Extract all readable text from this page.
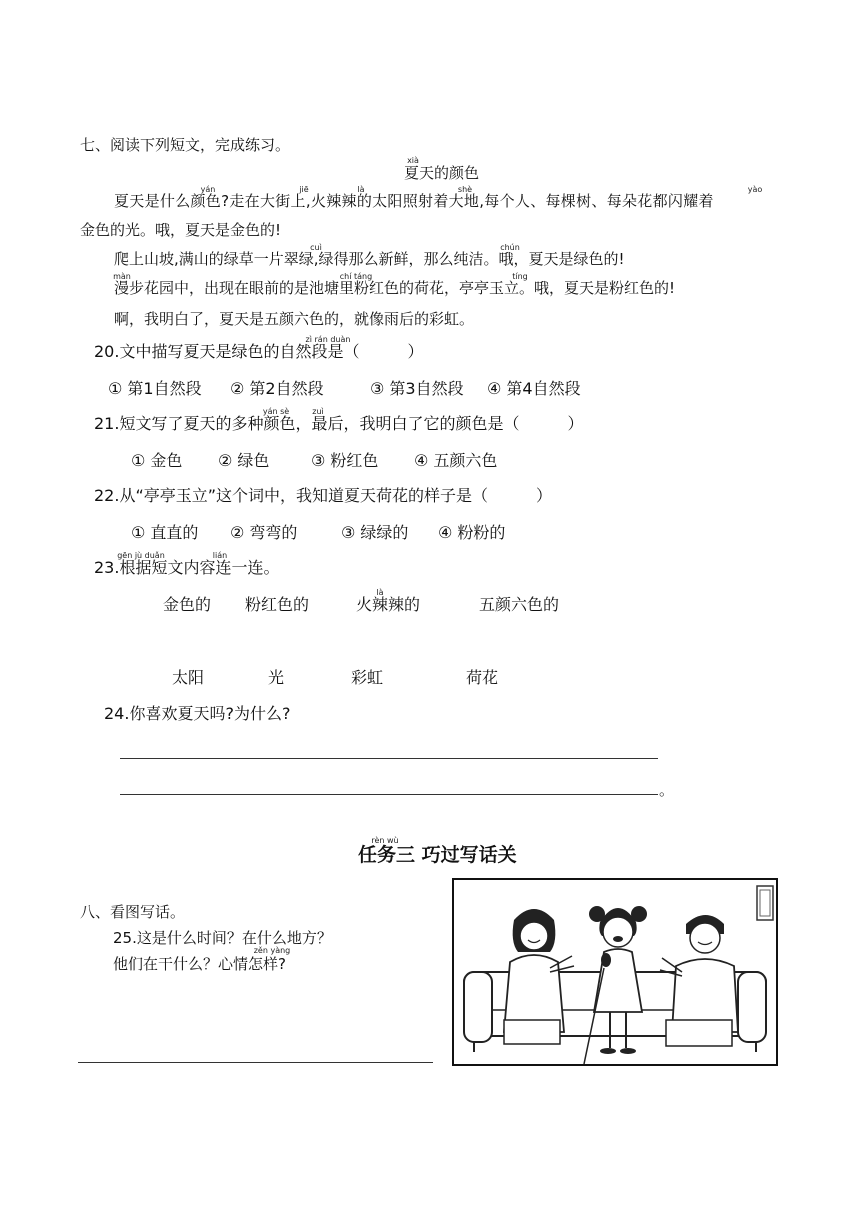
七、阅读下列短文，完成练习。
xià
夏天的颜色
yán	jiē	là	shè	yào
夏天是什么颜色?走在大街上,火辣辣的太阳照射着大地,每个人、每棵树、每朵花都闪耀着
金色的光。哦，夏天是金色的!
cuì	chún
爬上山坡,满山的绿草一片翠绿,绿得那么新鲜，那么纯洁。哦，夏天是绿色的!
màn	chí táng	tíng
漫步花园中，出现在眼前的是池塘里粉红色的荷花，亭亭玉立。哦，夏天是粉红色的!
啊，我明白了，夏天是五颜六色的，就像雨后的彩虹。
zì rán duàn
20.文中描写夏天是绿色的自然段是（　　　）
① 第1自然段 ② 第2自然段	③ 第3自然段 ④ 第4自然段
yán sè	zuì
21.短文写了夏天的多种颜色，最后，我明白了它的颜色是（　　　）
① 金色 ② 绿色	③ 粉红色 ④ 五颜六色
22.从“亭亭玉立”这个词中，我知道夏天荷花的样子是（　　　）
① 直直的 ② 弯弯的	③ 绿绿的 ④ 粉粉的
gēn jù duǎn	lián
23.根据短文内容连一连。
là
金色的 粉红色的	火辣辣的	五颜六色的
太阳	光	彩虹	荷花
24.你喜欢夏天吗?为什么?
。
rèn wù
任务三 巧过写话关
八、看图写话。
25.这是什么时间？在什么地方？
zěn yàng
他们在干什么？心情怎样?
